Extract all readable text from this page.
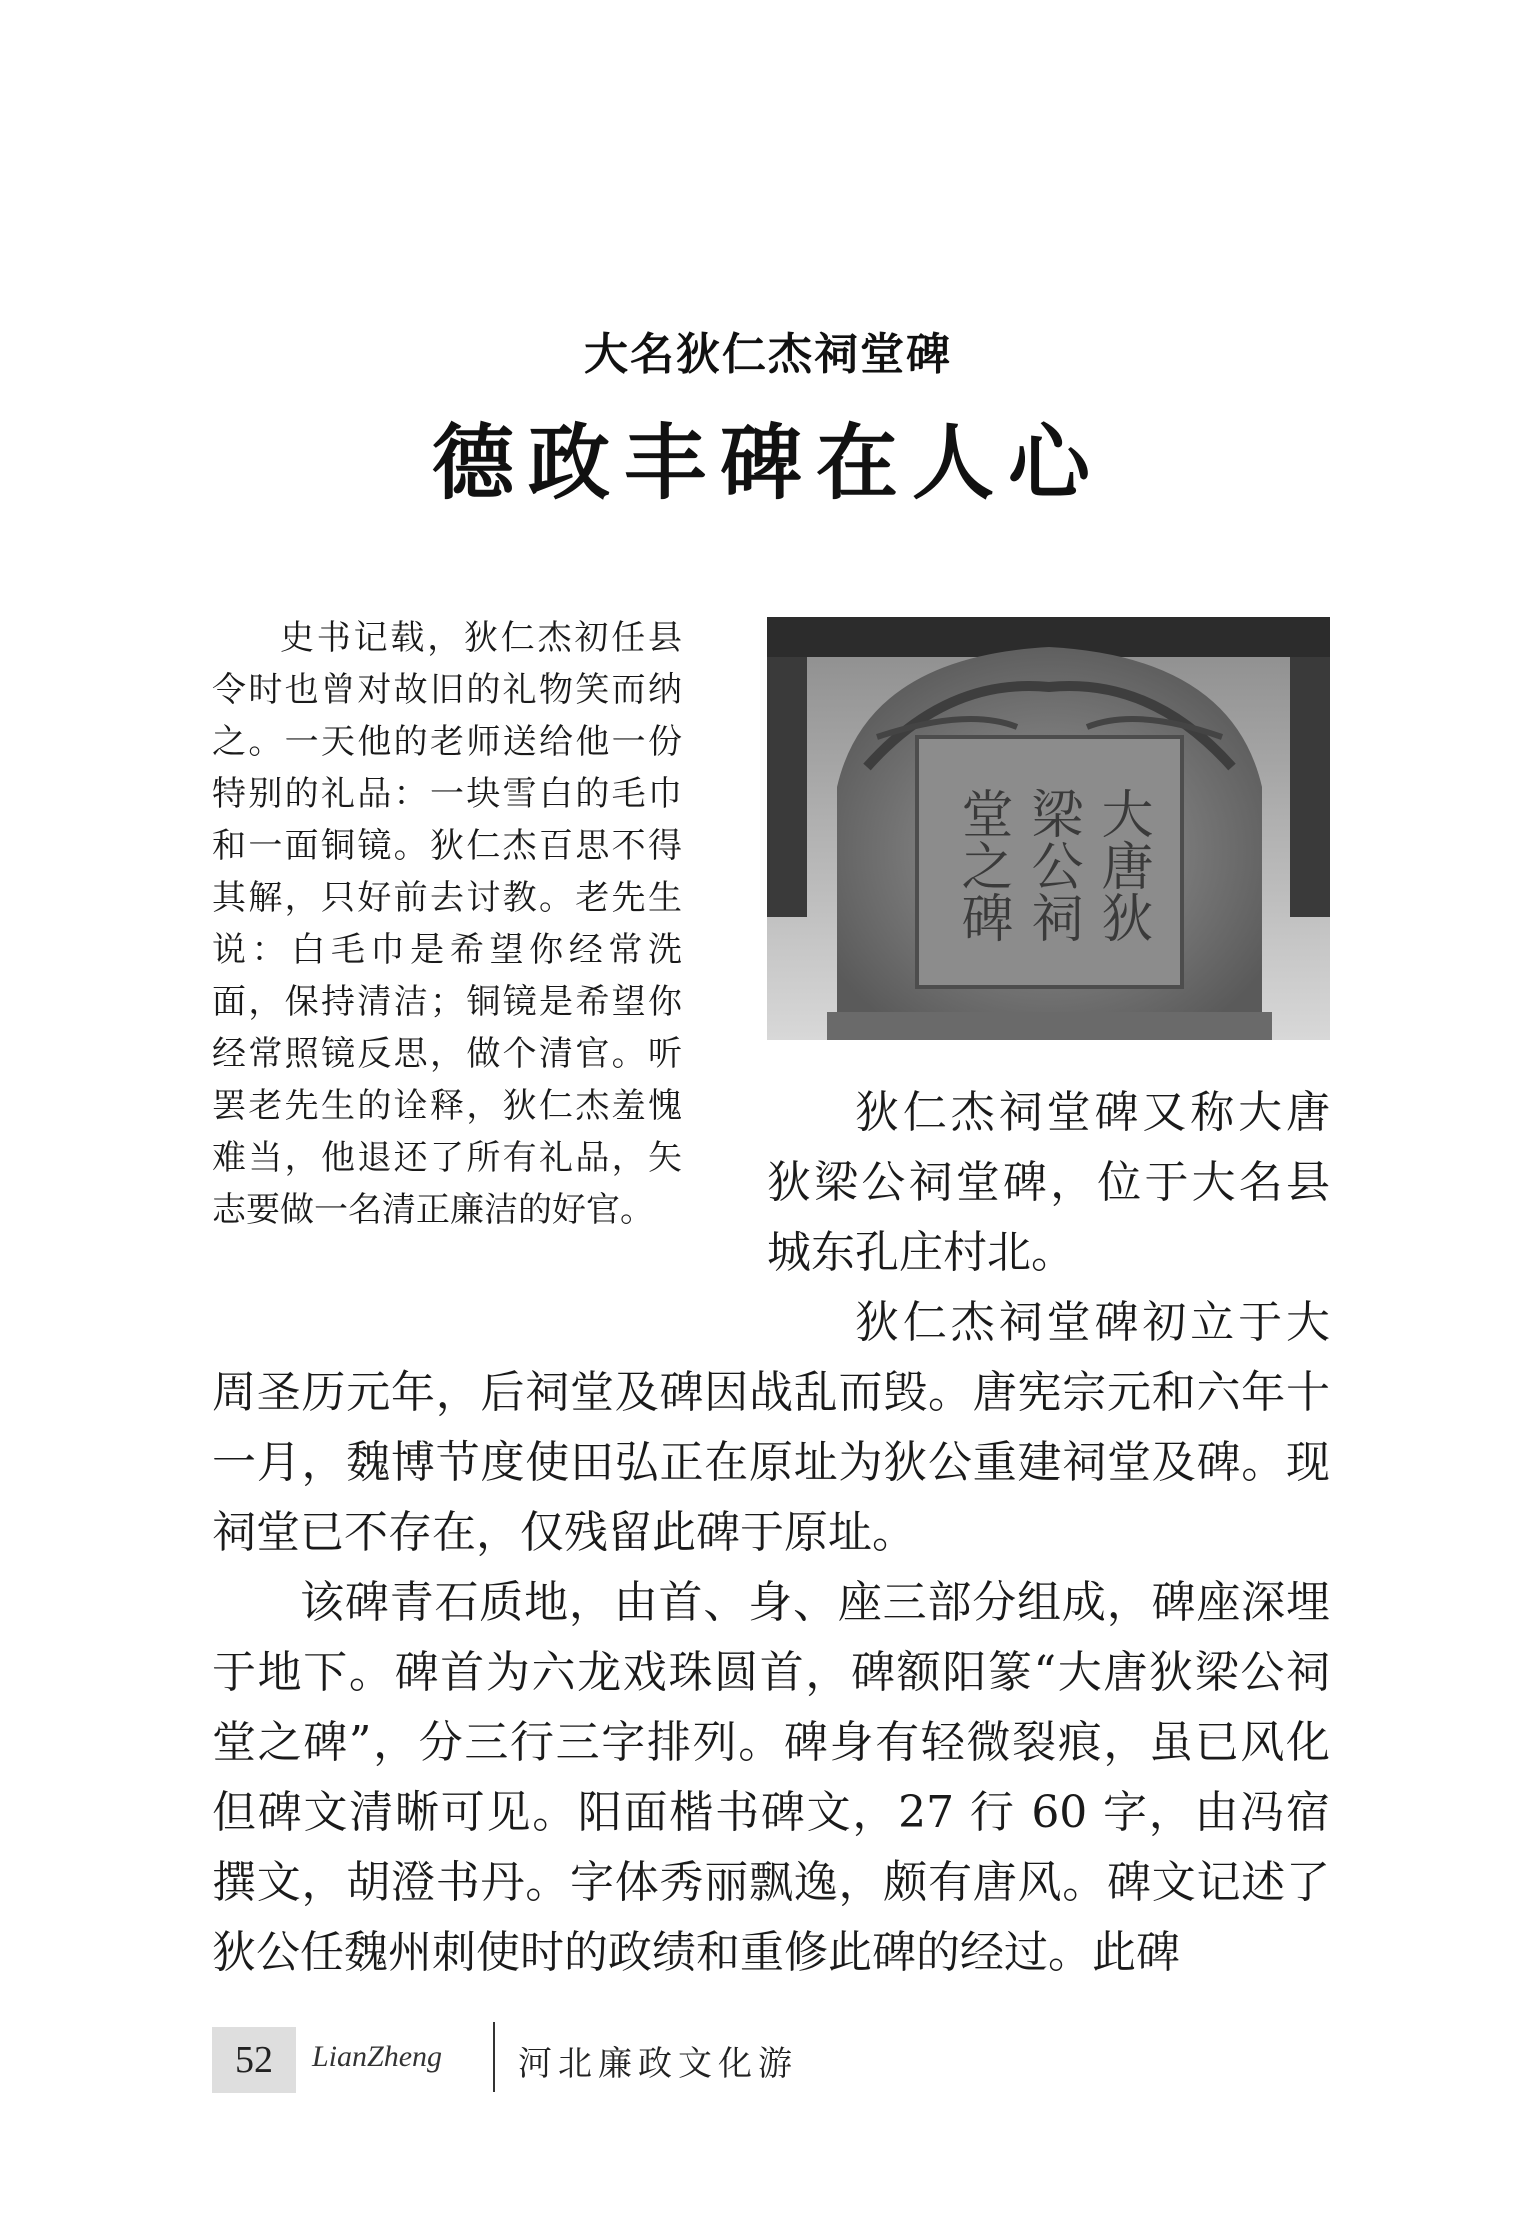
大名狄仁杰祠堂碑
德政丰碑在人心

史书记载，狄仁杰初任县令时也曾对故旧的礼物笑而纳之。一天他的老师送给他一份特别的礼品：一块雪白的毛巾和一面铜镜。狄仁杰百思不得其解，只好前去讨教。老先生说：白毛巾是希望你经常洗面，保持清洁；铜镜是希望你经常照镜反思，做个清官。听罢老先生的诠释，狄仁杰羞愧难当，他退还了所有礼品，矢志要做一名清正廉洁的好官。

大唐狄
梁公祠
堂之碑

狄仁杰祠堂碑又称大唐狄梁公祠堂碑，位于大名县城东孔庄村北。

狄仁杰祠堂碑初立于大周圣历元年，后祠堂及碑因战乱而毁。唐宪宗元和六年十一月，魏博节度使田弘正在原址为狄公重建祠堂及碑。现祠堂已不存在，仅残留此碑于原址。

该碑青石质地，由首、身、座三部分组成，碑座深埋于地下。碑首为六龙戏珠圆首，碑额阳篆“大唐狄梁公祠堂之碑”，分三行三字排列。碑身有轻微裂痕，虽已风化但碑文清晰可见。阳面楷书碑文，27 行 60 字，由冯宿撰文，胡澄书丹。字体秀丽飘逸，颇有唐风。碑文记述了狄公任魏州刺使时的政绩和重修此碑的经过。此碑

52	LianZheng 河北廉政文化游
